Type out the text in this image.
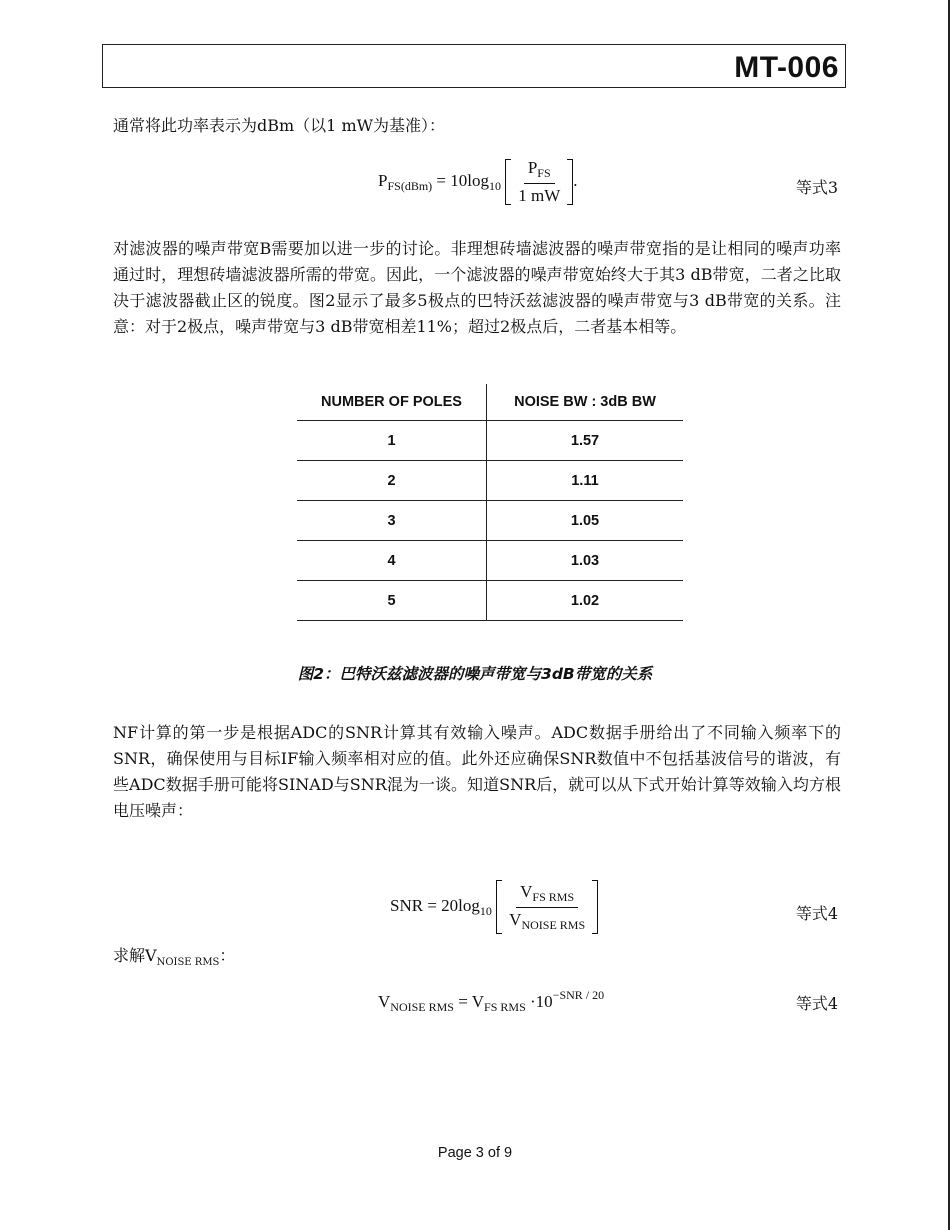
MT-006

通常将此功率表示为dBm（以1 mW为基准）：

$P_{FS(dBm)} = 10\log_{10} \frac{P_{FS}}{1 mW}$ .	等式3

对滤波器的噪声带宽B需要加以进一步的讨论。非理想砖墙滤波器的噪声带宽指的是让相同的噪声功率通过时，理想砖墙滤波器所需的带宽。因此，一个滤波器的噪声带宽始终大于其3 dB带宽，二者之比取决于滤波器截止区的锐度。图2显示了最多5极点的巴特沃兹滤波器的噪声带宽与3 dB带宽的关系。注意：对于2极点，噪声带宽与3 dB带宽相差11%；超过2极点后，二者基本相等。

NUMBER OF POLES	NOISE BW : 3dB BW
1	1.57
2	1.11
3	1.05
4	1.03
5	1.02
图2：巴特沃兹滤波器的噪声带宽与3dB带宽的关系

NF计算的第一步是根据ADC的SNR计算其有效输入噪声。ADC数据手册给出了不同输入频率下的SNR，确保使用与目标IF输入频率相对应的值。此外还应确保SNR数值中不包括基波信号的谐波，有些ADC数据手册可能将SINAD与SNR混为一谈。知道SNR后，就可以从下式开始计算等效输入均方根电压噪声：

SNR = $20\log_{10} \frac{V_{FS RMS}}{V_{NOISE RMS}}$	等式4
求解$V_{NOISE RMS}$：
$V_{NOISE RMS} = V_{FS RMS} \cdot 10^{-SNR / 20}$	等式4
Page 3 of 9
